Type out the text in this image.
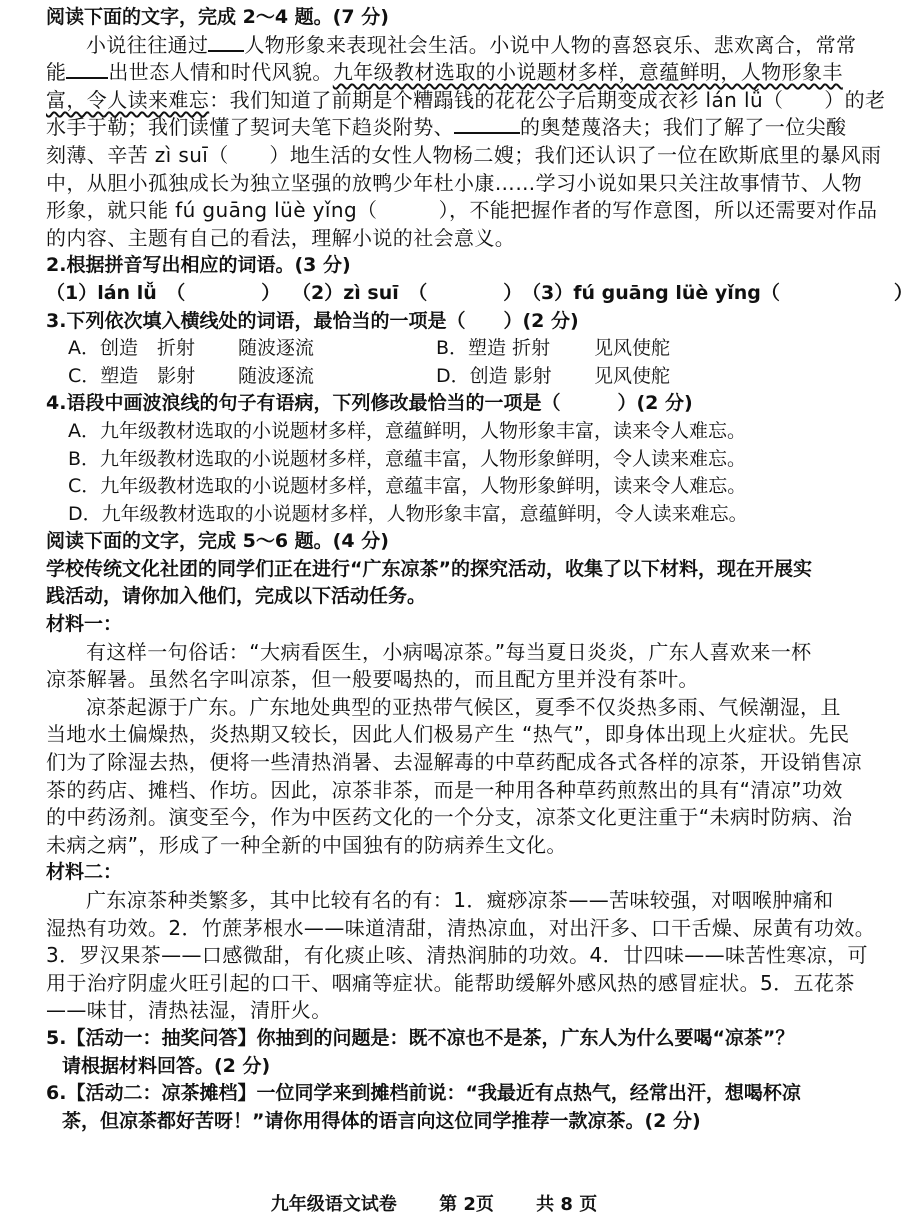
阅读下面的文字，完成 2～4 题。(7 分)
小说往往通过 人物形象来表现社会生活。小说中人物的喜怒哀乐、悲欢离合，常常
能 出世态人情和时代风貌。九年级教材选取的小说题材多样，意蕴鲜明，人物形象丰
富，令人读来难忘：我们知道了前期是个糟蹋钱的花花公子后期变成衣衫 lán lǚ（　　）的老
水手于勒；我们读懂了契诃夫笔下趋炎附势、	的奥楚蔑洛夫；我们了解了一位尖酸
刻薄、辛苦 zì suī（　　）地生活的女性人物杨二嫂；我们还认识了一位在欧斯底里的暴风雨
中，从胆小孤独成长为独立坚强的放鸭少年杜小康……学习小说如果只关注故事情节、人物
形象，就只能 fú guāng lüè yǐng（　　　），不能把握作者的写作意图，所以还需要对作品
的内容、主题有自己的看法，理解小说的社会意义。
2.根据拼音写出相应的词语。(3 分)
（1）lán lǚ　（　　　　） （2）zì suī　（　　　　）（3）fú guāng lüè yǐng（　　　　　　）
3.下列依次填入横线处的词语，最恰当的一项是（　　）(2 分)
A．创造　折射 随波逐流	B．塑造 折射 见风使舵
C．塑造　影射 随波逐流	D．创造 影射 见风使舵
4.语段中画波浪线的句子有语病，下列修改最恰当的一项是（　　　）(2 分)
A．九年级教材选取的小说题材多样，意蕴鲜明，人物形象丰富，读来令人难忘。
B．九年级教材选取的小说题材多样，意蕴丰富，人物形象鲜明，令人读来难忘。
C．九年级教材选取的小说题材多样，意蕴丰富，人物形象鲜明，读来令人难忘。
D．九年级教材选取的小说题材多样，人物形象丰富，意蕴鲜明，令人读来难忘。
阅读下面的文字，完成 5～6 题。(4 分)
学校传统文化社团的同学们正在进行“广东凉茶”的探究活动，收集了以下材料，现在开展实
践活动，请你加入他们，完成以下活动任务。
材料一：
有这样一句俗话：“大病看医生，小病喝凉茶。”每当夏日炎炎，广东人喜欢来一杯
凉茶解暑。虽然名字叫凉茶，但一般要喝热的，而且配方里并没有茶叶。
凉茶起源于广东。广东地处典型的亚热带气候区，夏季不仅炎热多雨、气候潮湿，且
当地水土偏燥热，炎热期又较长，因此人们极易产生 “热气”，即身体出现上火症状。先民
们为了除湿去热，便将一些清热消暑、去湿解毒的中草药配成各式各样的凉茶，开设销售凉
茶的药店、摊档、作坊。因此，凉茶非茶，而是一种用各种草药煎熬出的具有“清凉”功效
的中药汤剂。演变至今，作为中医药文化的一个分支，凉茶文化更注重于“未病时防病、治
未病之病”，形成了一种全新的中国独有的防病养生文化。
材料二：
广东凉茶种类繁多，其中比较有名的有：1．癍痧凉茶——苦味较强，对咽喉肿痛和
湿热有功效。2．竹蔗茅根水——味道清甜，清热凉血，对出汗多、口干舌燥、尿黄有功效。
3．罗汉果茶——口感微甜，有化痰止咳、清热润肺的功效。4．廿四味——味苦性寒凉，可
用于治疗阴虚火旺引起的口干、咽痛等症状。能帮助缓解外感风热的感冒症状。5．五花茶
——味甘，清热祛湿，清肝火。
5.【活动一：抽奖问答】你抽到的问题是：既不凉也不是茶，广东人为什么要喝“凉茶”？
请根据材料回答。(2 分)
6.【活动二：凉茶摊档】一位同学来到摊档前说：“我最近有点热气，经常出汗，想喝杯凉
茶，但凉茶都好苦呀！”请你用得体的语言向这位同学推荐一款凉茶。(2 分)
九年级语文试卷 第 2页 共 8 页
